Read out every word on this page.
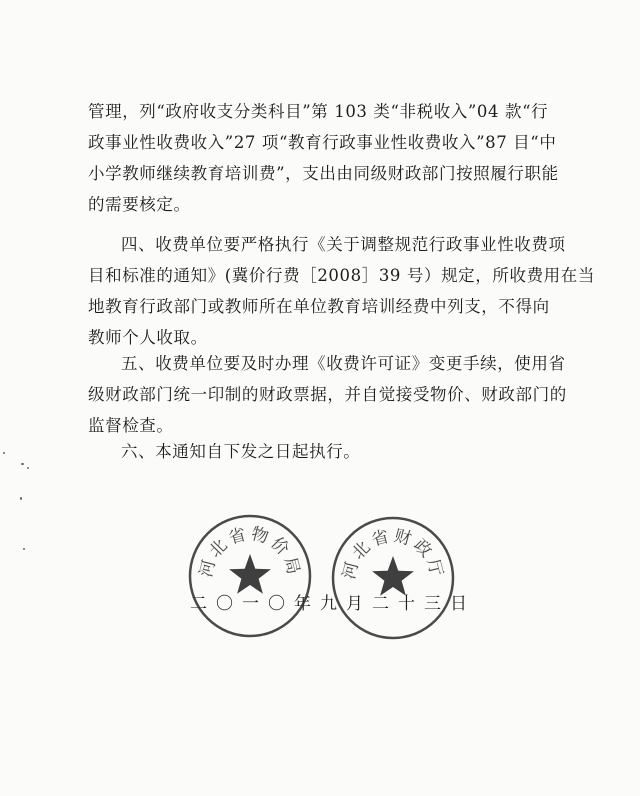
管理，列“政府收支分类科目”第 103 类“非税收入”04 款“行
政事业性收费收入”27 项“教育行政事业性收费收入”87 目“中
小学教师继续教育培训费”，支出由同级财政部门按照履行职能
的需要核定。

四、收费单位要严格执行《关于调整规范行政事业性收费项
目和标准的通知》(冀价行费［2008］39 号）规定，所收费用在当
地教育行政部门或教师所在单位教育培训经费中列支，不得向
教师个人收取。

五、收费单位要及时办理《收费许可证》变更手续，使用省
级财政部门统一印制的财政票据，并自觉接受物价、财政部门的
监督检查。

六、本通知自下发之日起执行。

二〇一〇年九月二十三日
河北省物价局 河北省财政厅
